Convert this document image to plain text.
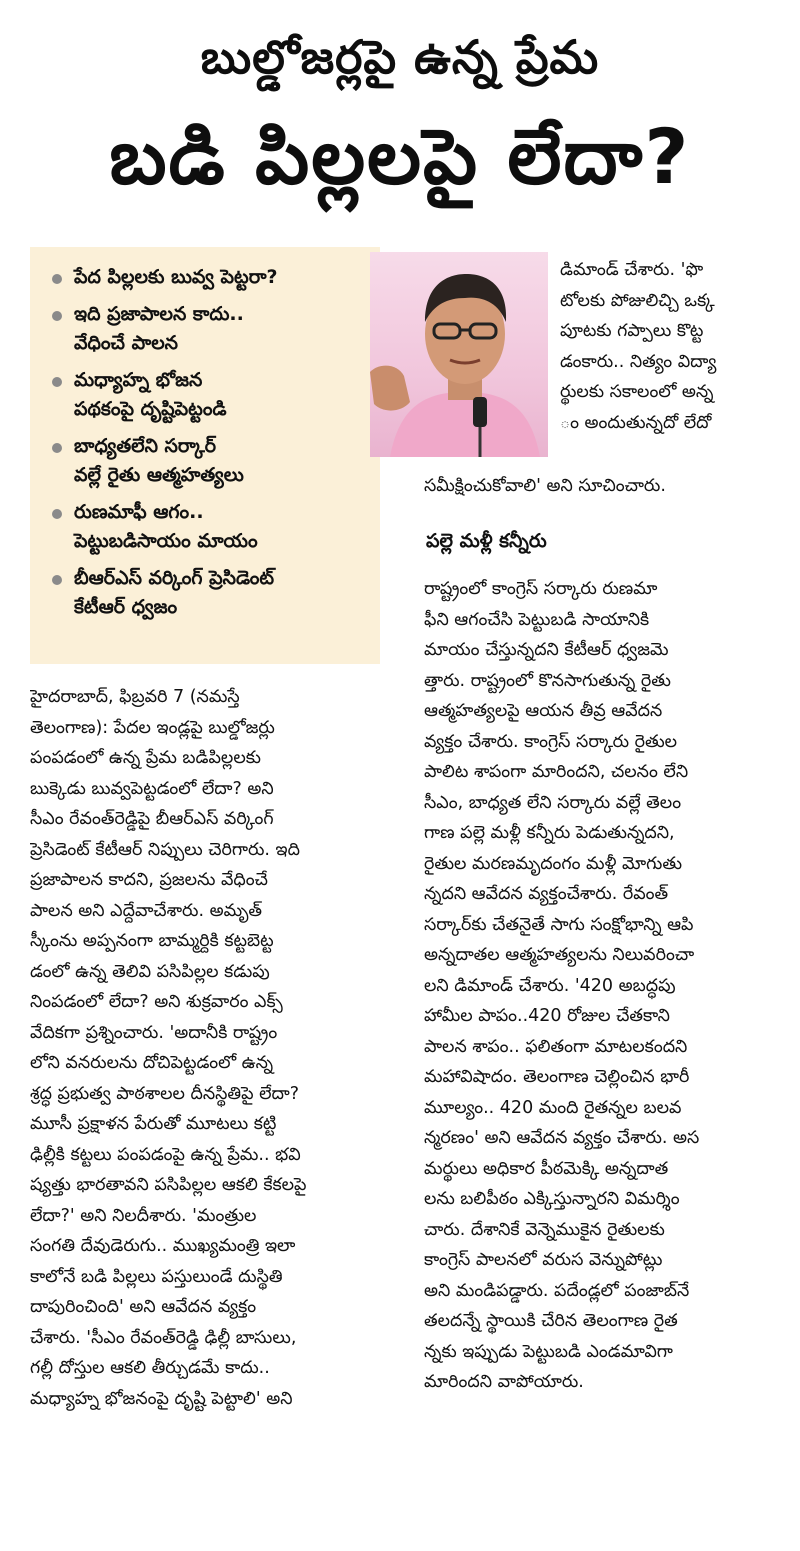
బుల్డోజర్లపై ఉన్న ప్రేమ
బడి పిల్లలపై లేదా?
పేద పిల్లలకు బువ్వ పెట్టరా?
ఇది ప్రజాపాలన కాదు..
వేధించే పాలన
మధ్యాహ్న భోజన
పథకంపై దృష్టిపెట్టండి
బాధ్యతలేని సర్కార్
వల్లే రైతు ఆత్మహత్యలు
రుణమాఫీ ఆగం..
పెట్టుబడిసాయం మాయం
బీఆర్ఎస్ వర్కింగ్ ప్రెసిడెంట్
కేటీఆర్ ధ్వజం
డిమాండ్ చేశారు. 'ఫొ
టోలకు పోజులిచ్చి ఒక్క
పూటకు గప్పాలు కొట్ట
డంకారు.. నిత్యం విద్యా
ర్థులకు సకాలంలో అన్న
ం అందుతున్నదో లేదో
సమీక్షించుకోవాలి' అని సూచించారు.
పల్లె మళ్లీ కన్నీరు
రాష్ట్రంలో కాంగ్రెస్ సర్కారు రుణమా
ఫీని ఆగంచేసి పెట్టుబడి సాయానికి
మాయం చేస్తున్నదని కేటీఆర్ ధ్వజమె
త్తారు. రాష్ట్రంలో కొనసాగుతున్న రైతు
ఆత్మహత్యలపై ఆయన తీవ్ర ఆవేదన
వ్యక్తం చేశారు. కాంగ్రెస్ సర్కారు రైతుల
పాలిట శాపంగా మారిందని, చలనం లేని
సీఎం, బాధ్యత లేని సర్కారు వల్లే తెలం
గాణ పల్లె మళ్లీ కన్నీరు పెడుతున్నదని,
రైతుల మరణమృదంగం మళ్లీ మోగుతు
న్నదని ఆవేదన వ్యక్తంచేశారు. రేవంత్
సర్కార్‌కు చేతనైతే సాగు సంక్షోభాన్ని ఆపి
అన్నదాతల ఆత్మహత్యలను నిలువరించా
లని డిమాండ్ చేశారు. '420 అబద్ధపు
హామీల పాపం..420 రోజుల చేతకాని
పాలన శాపం.. ఫలితంగా మాటలకందని
మహావిషాదం. తెలంగాణ చెల్లించిన భారీ
మూల్యం.. 420 మంది రైతన్నల బలవ
న్మరణం' అని ఆవేదన వ్యక్తం చేశారు. అస
మర్థులు అధికార పీఠమెక్కి అన్నదాత
లను బలిపీఠం ఎక్కిస్తున్నారని విమర్శిం
చారు. దేశానికే వెన్నెముకైన రైతులకు
కాంగ్రెస్ పాలనలో వరుస వెన్నుపోట్లు
అని మండిపడ్డారు. పదేండ్లలో పంజాబ్‌నే
తలదన్నే స్థాయికి చేరిన తెలంగాణ రైత
న్నకు ఇప్పుడు పెట్టుబడి ఎండమావిగా
మారిందని వాపోయారు.
హైదరాబాద్, ఫిబ్రవరి 7 (నమస్తే
తెలంగాణ): పేదల ఇండ్లపై బుల్డోజర్లు
పంపడంలో ఉన్న ప్రేమ బడిపిల్లలకు
బుక్కెడు బువ్వపెట్టడంలో లేదా? అని
సీఎం రేవంత్‌రెడ్డిపై బీఆర్ఎస్ వర్కింగ్
ప్రెసిడెంట్ కేటీఆర్ నిప్పులు చెరిగారు. ఇది
ప్రజాపాలన కాదని, ప్రజలను వేధించే
పాలన అని ఎద్దేవాచేశారు. అమృత్
స్కీంను అప్పనంగా బామ్మర్దికి కట్టబెట్ట
డంలో ఉన్న తెలివి పసిపిల్లల కడుపు
నింపడంలో లేదా? అని శుక్రవారం ఎక్స్
వేదికగా ప్రశ్నించారు. 'అదానీకి రాష్ట్రం
లోని వనరులను దోచిపెట్టడంలో ఉన్న
శ్రద్ధ ప్రభుత్వ పాఠశాలల దీనస్థితిపై లేదా?
మూసీ ప్రక్షాళన పేరుతో మూటలు కట్టి
ఢిల్లీకి కట్టలు పంపడంపై ఉన్న ప్రేమ.. భవి
ష్యత్తు భారతావని పసిపిల్లల ఆకలి కేకలపై
లేదా?' అని నిలదీశారు. 'మంత్రుల
సంగతి దేవుడెరుగు.. ముఖ్యమంత్రి ఇలా
కాలోనే బడి పిల్లలు పస్తులుండే దుస్థితి
దాపురించింది' అని ఆవేదన వ్యక్తం
చేశారు. 'సీఎం రేవంత్‌రెడ్డి ఢిల్లీ బాసులు,
గల్లీ దోస్తుల ఆకలి తీర్చుడమే కాదు..
మధ్యాహ్న భోజనంపై దృష్టి పెట్టాలి' అని
